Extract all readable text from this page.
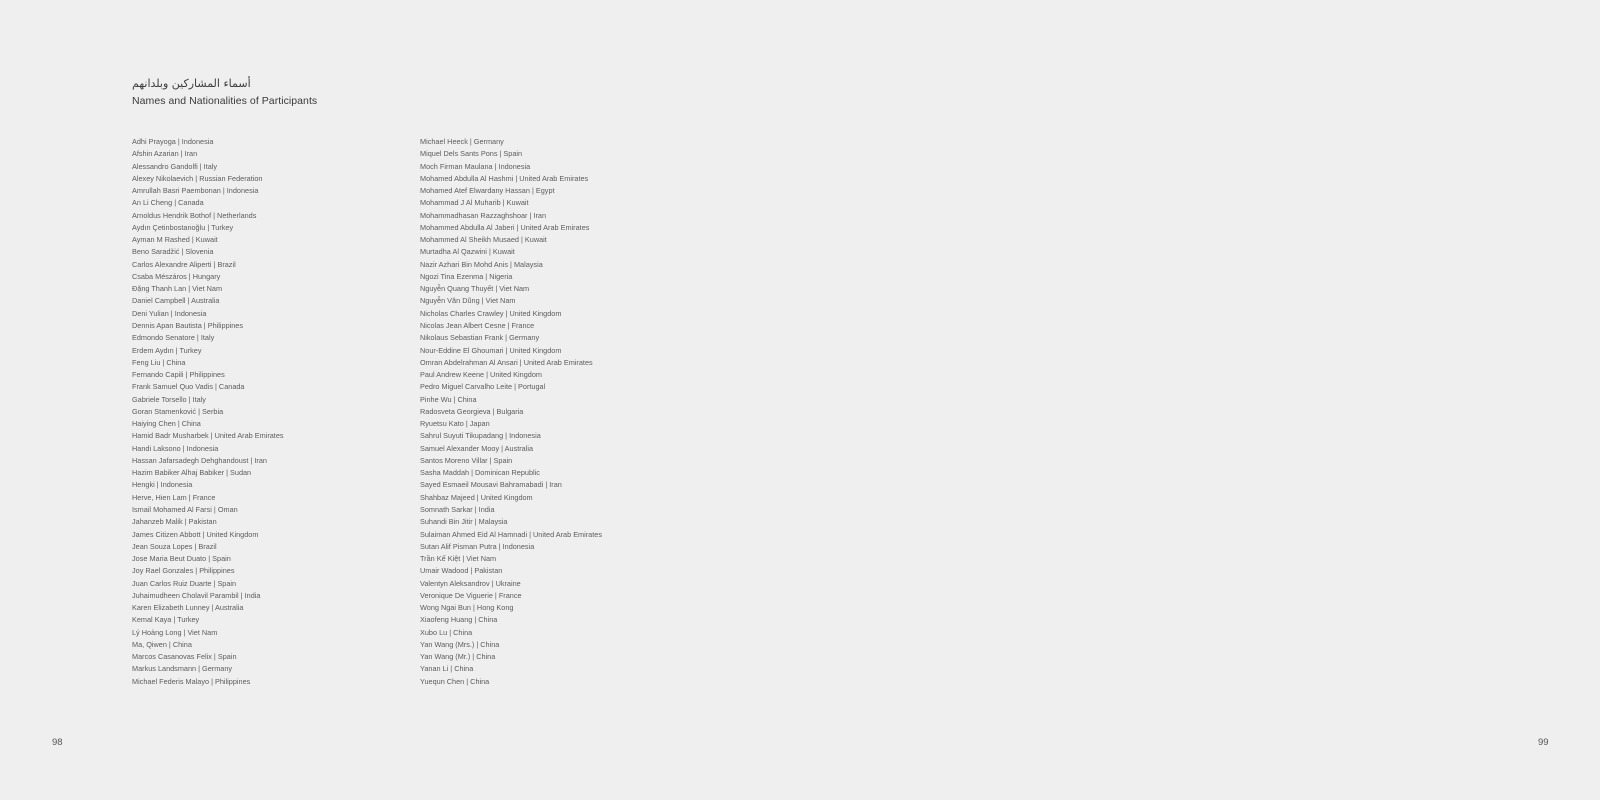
أسماء المشاركين وبلدانهم
Names and Nationalities of Participants
Adhi Prayoga | Indonesia
Afshin Azarian | Iran
Alessandro Gandolfi | Italy
Alexey Nikolaevich | Russian Federation
Amrullah Basri Paembonan | Indonesia
An Li Cheng | Canada
Arnoldus Hendrik Bothof | Netherlands
Aydın Çetinbostanoğlu | Turkey
Ayman M Rashed | Kuwait
Beno Saradžić | Slovenia
Carlos Alexandre Aliperti | Brazil
Csaba Mészáros | Hungary
Đặng Thanh Lan | Viet Nam
Daniel Campbell | Australia
Deni Yulian | Indonesia
Dennis Apan Bautista | Philippines
Edmondo Senatore | Italy
Erdem Aydın | Turkey
Feng Liu | China
Fernando Capili | Philippines
Frank Samuel Quo Vadis | Canada
Gabriele Torsello | Italy
Goran Stamenković | Serbia
Haiying Chen | China
Hamid Badr Musharbek | United Arab Emirates
Handi Laksono | Indonesia
Hassan Jafarsadegh Dehghandoust | Iran
Hazim Babiker Alhaj Babiker | Sudan
Hengki | Indonesia
Herve, Hien Lam | France
Ismail Mohamed Al Farsi | Oman
Jahanzeb Malik | Pakistan
James Citizen Abbott | United Kingdom
Jean Souza Lopes | Brazil
Jose Maria Beut Duato | Spain
Joy Rael Gonzales | Philippines
Juan Carlos Ruiz Duarte | Spain
Juhaimudheen Cholavil Parambil | India
Karen Elizabeth Lunney | Australia
Kemal Kaya | Turkey
Lý Hoàng Long | Viet Nam
Ma, Qiwen | China
Marcos Casanovas Felix | Spain
Markus Landsmann | Germany
Michael Federis Malayo | Philippines
Michael Heeck | Germany
Miquel Dels Sants Pons | Spain
Moch Firman Maulana | Indonesia
Mohamed Abdulla Al Hashmi | United Arab Emirates
Mohamed Atef Elwardany Hassan | Egypt
Mohammad J Al Muharib | Kuwait
Mohammadhasan Razzaghshoar | Iran
Mohammed Abdulla Al Jaberi | United Arab Emirates
Mohammed Al Sheikh Musaed | Kuwait
Murtadha Al Qazwini | Kuwait
Nazir Azhari Bin Mohd Anis | Malaysia
Ngozi Tina Ezenma | Nigeria
Nguyễn Quang Thuyết | Viet Nam
Nguyễn Văn Dũng | Viet Nam
Nicholas Charles Crawley | United Kingdom
Nicolas Jean Albert Cesne | France
Nikolaus Sebastian Frank | Germany
Nour-Eddine El Ghoumari | United Kingdom
Omran Abdelrahman Al Ansari | United Arab Emirates
Paul Andrew Keene | United Kingdom
Pedro Miguel Carvalho Leite | Portugal
Pinhe Wu | China
Radosveta Georgieva | Bulgaria
Ryuetsu Kato | Japan
Sahrul Suyuti Tikupadang | Indonesia
Samuel Alexander Mooy | Australia
Santos Moreno Villar | Spain
Sasha Maddah | Dominican Republic
Sayed Esmaeil Mousavi Bahramabadi | Iran
Shahbaz Majeed | United Kingdom
Somnath Sarkar | India
Suhandi Bin Jitir | Malaysia
Sulaiman Ahmed Eid Al Hamnadi | United Arab Emirates
Sutan Alif Pisman Putra | Indonesia
Trần Kế Kiệt | Viet Nam
Umair Wadood | Pakistan
Valentyn Aleksandrov | Ukraine
Veronique De Viguerie | France
Wong Ngai Bun | Hong Kong
Xiaofeng Huang | China
Xubo Lu | China
Yan Wang (Mrs.) | China
Yan Wang (Mr.) | China
Yanan Li | China
Yuequn Chen | China
98	99
